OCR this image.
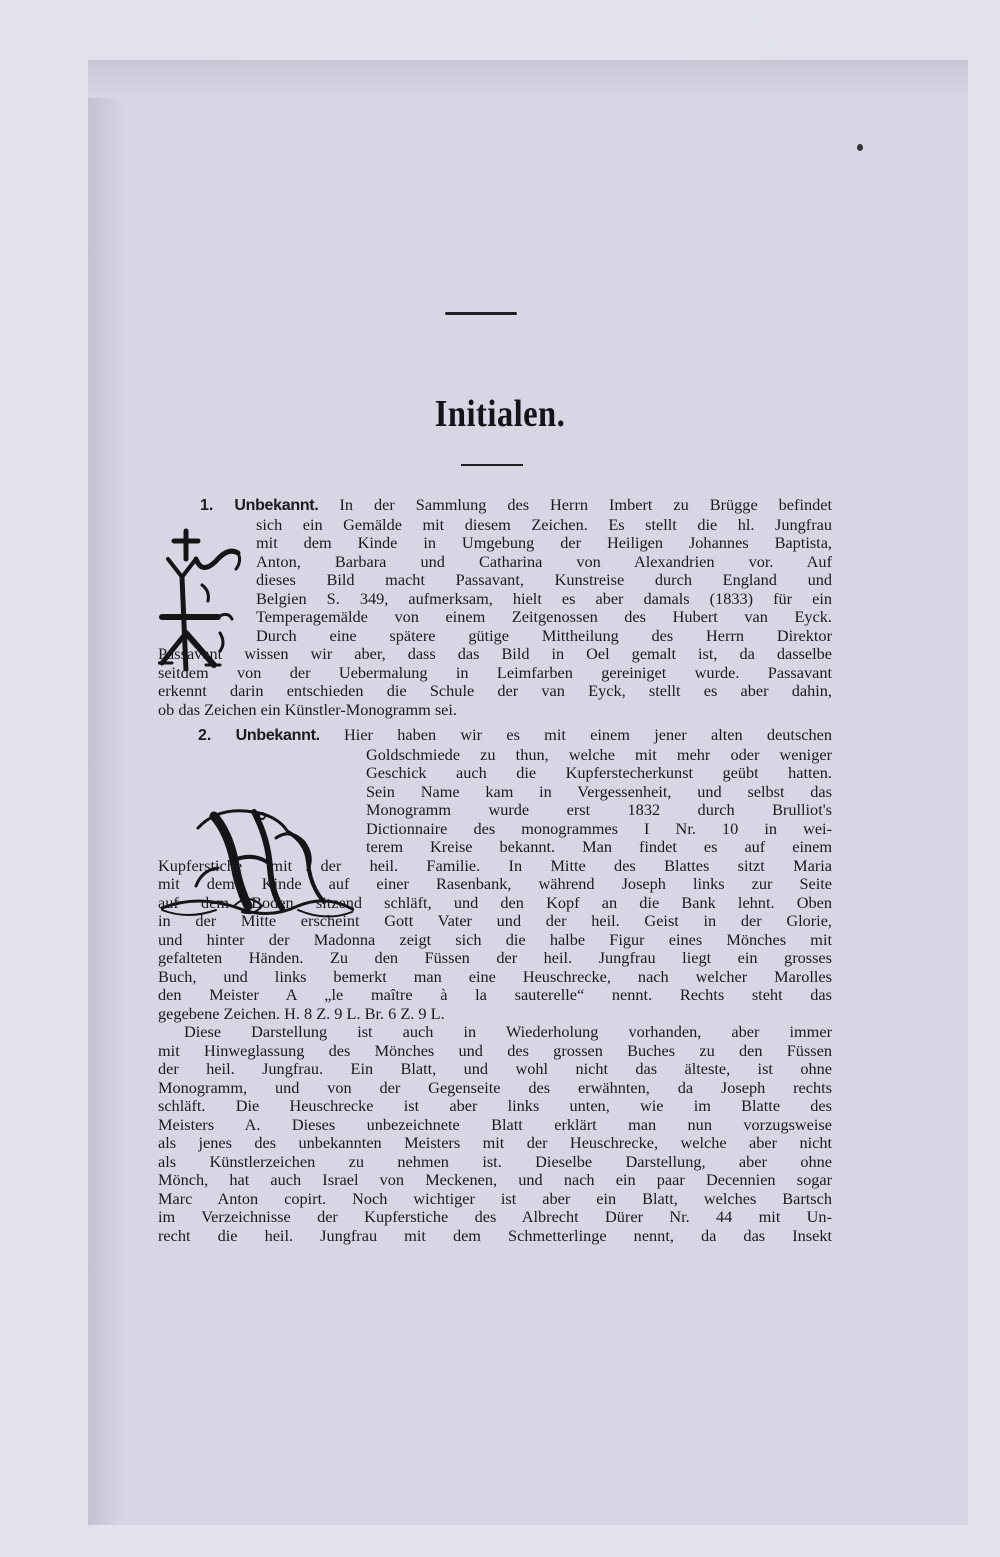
Initialen.
1. Unbekannt. In der Sammlung des Herrn Imbert zu Brügge befindet
sich ein Gemälde mit diesem Zeichen. Es stellt die hl. Jungfrau
mit dem Kinde in Umgebung der Heiligen Johannes Baptista,
Anton, Barbara und Catharina von Alexandrien vor. Auf
dieses Bild macht Passavant, Kunstreise durch England und
Belgien S. 349, aufmerksam, hielt es aber damals (1833) für ein
Temperagemälde von einem Zeitgenossen des Hubert van Eyck.
Durch eine spätere gütige Mittheilung des Herrn Direktor
Passavant wissen wir aber, dass das Bild in Oel gemalt ist, da dasselbe
seitdem von der Uebermalung in Leimfarben gereiniget wurde. Passavant
erkennt darin entschieden die Schule der van Eyck, stellt es aber dahin,
ob das Zeichen ein Künstler-Monogramm sei.
2. Unbekannt. Hier haben wir es mit einem jener alten deutschen
Goldschmiede zu thun, welche mit mehr oder weniger
Geschick auch die Kupferstecherkunst geübt hatten.
Sein Name kam in Vergessenheit, und selbst das
Monogramm wurde erst 1832 durch Brulliot's
Dictionnaire des monogrammes I Nr. 10 in wei-
terem Kreise bekannt. Man findet es auf einem
Kupferstiche mit der heil. Familie. In Mitte des Blattes sitzt Maria
mit dem Kinde auf einer Rasenbank, während Joseph links zur Seite
auf dem Boden sitzend schläft, und den Kopf an die Bank lehnt. Oben
in der Mitte erscheint Gott Vater und der heil. Geist in der Glorie,
und hinter der Madonna zeigt sich die halbe Figur eines Mönches mit
gefalteten Händen. Zu den Füssen der heil. Jungfrau liegt ein grosses
Buch, und links bemerkt man eine Heuschrecke, nach welcher Marolles
den Meister A „le maître à la sauterelle“ nennt. Rechts steht das
gegebene Zeichen. H. 8 Z. 9 L. Br. 6 Z. 9 L.
Diese Darstellung ist auch in Wiederholung vorhanden, aber immer
mit Hinweglassung des Mönches und des grossen Buches zu den Füssen
der heil. Jungfrau. Ein Blatt, und wohl nicht das älteste, ist ohne
Monogramm, und von der Gegenseite des erwähnten, da Joseph rechts
schläft. Die Heuschrecke ist aber links unten, wie im Blatte des
Meisters A. Dieses unbezeichnete Blatt erklärt man nun vorzugsweise
als jenes des unbekannten Meisters mit der Heuschrecke, welche aber nicht
als Künstlerzeichen zu nehmen ist. Dieselbe Darstellung, aber ohne
Mönch, hat auch Israel von Meckenen, und nach ein paar Decennien sogar
Marc Anton copirt. Noch wichtiger ist aber ein Blatt, welches Bartsch
im Verzeichnisse der Kupferstiche des Albrecht Dürer Nr. 44 mit Un-
recht die heil. Jungfrau mit dem Schmetterlinge nennt, da das Insekt
